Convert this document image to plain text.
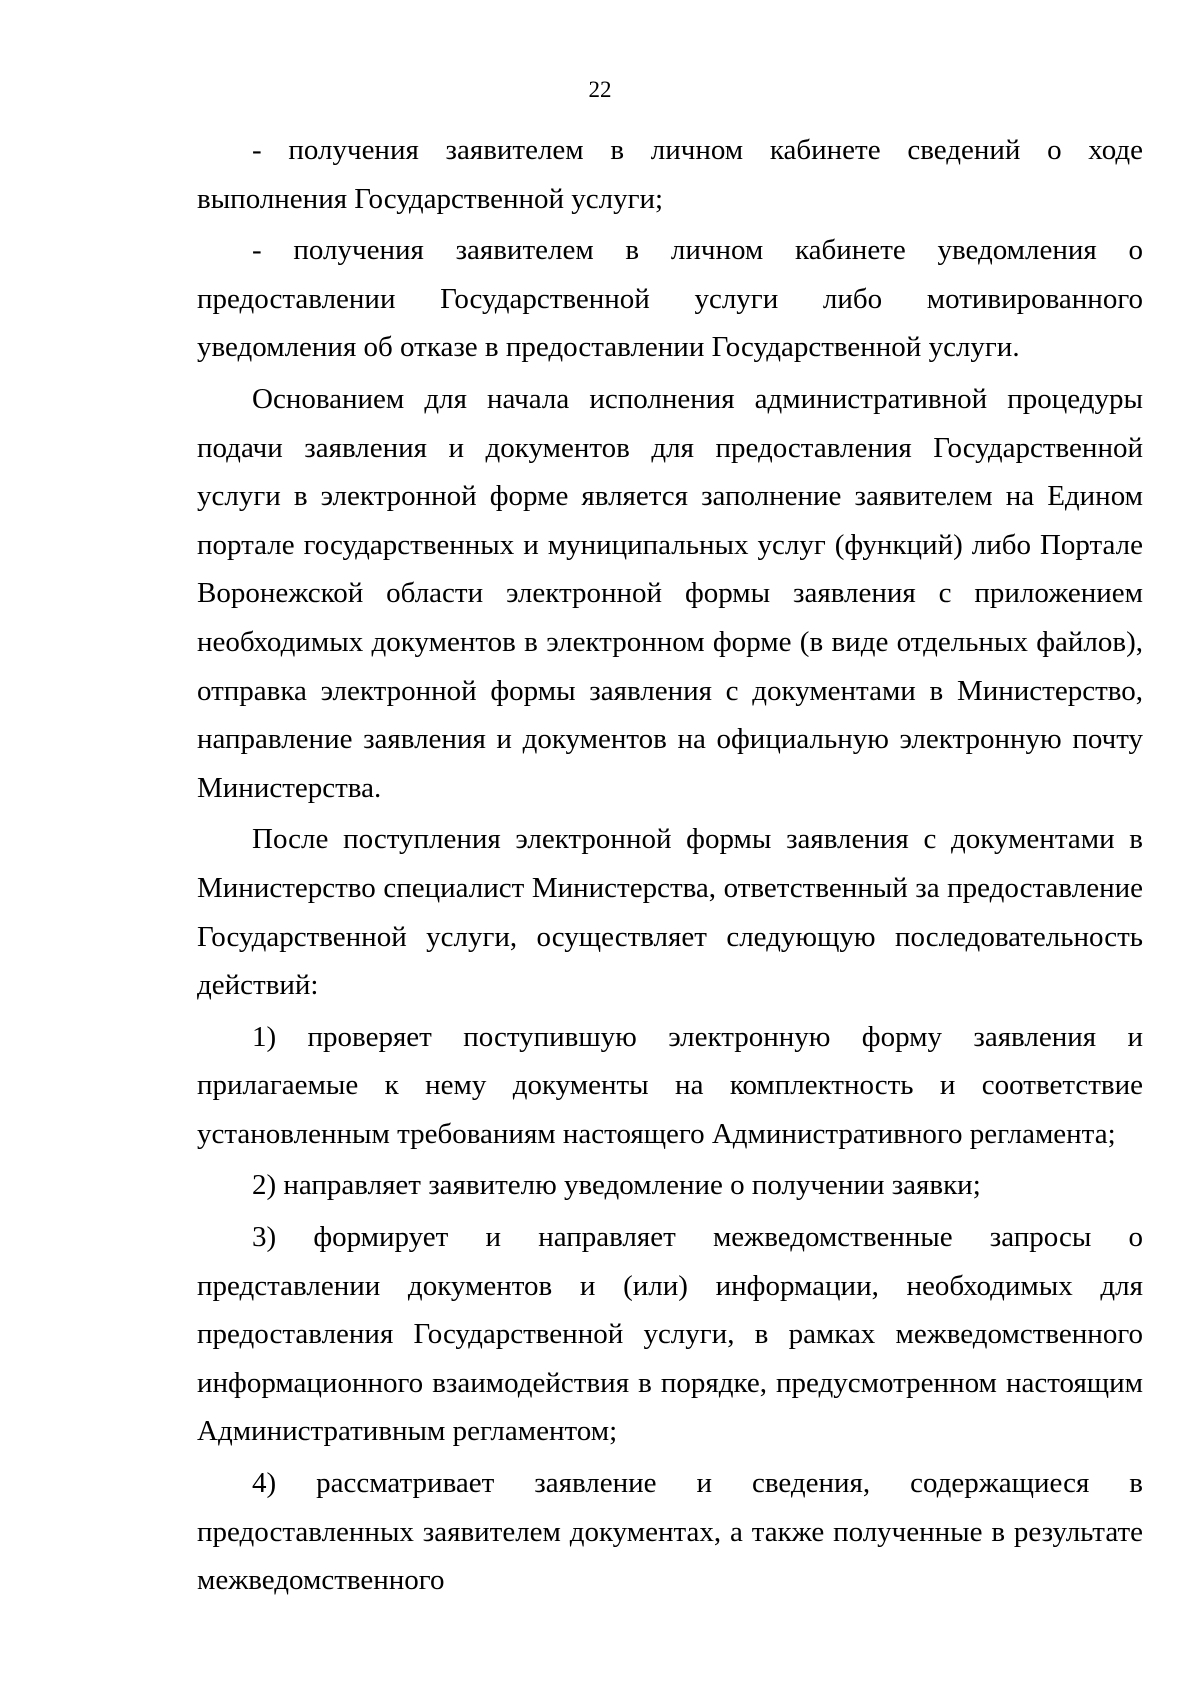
22

- получения заявителем в личном кабинете сведений о ходе выполнения Государственной услуги;

- получения заявителем в личном кабинете уведомления о предоставлении Государственной услуги либо мотивированного уведомления об отказе в предоставлении Государственной услуги.

Основанием для начала исполнения административной процедуры подачи заявления и документов для предоставления Государственной услуги в электронной форме является заполнение заявителем на Едином портале государственных и муниципальных услуг (функций) либо Портале Воронежской области электронной формы заявления с приложением необходимых документов в электронном форме (в виде отдельных файлов), отправка электронной формы заявления с документами в Министерство, направление заявления и документов на официальную электронную почту Министерства.

После поступления электронной формы заявления с документами в Министерство специалист Министерства, ответственный за предоставление Государственной услуги, осуществляет следующую последовательность действий:

1) проверяет поступившую электронную форму заявления и прилагаемые к нему документы на комплектность и соответствие установленным требованиям настоящего Административного регламента;

2) направляет заявителю уведомление о получении заявки;

3) формирует и направляет межведомственные запросы о представлении документов и (или) информации, необходимых для предоставления Государственной услуги, в рамках межведомственного информационного взаимодействия в порядке, предусмотренном настоящим Административным регламентом;

4) рассматривает заявление и сведения, содержащиеся в предоставленных заявителем документах, а также полученные в результате межведомственного
